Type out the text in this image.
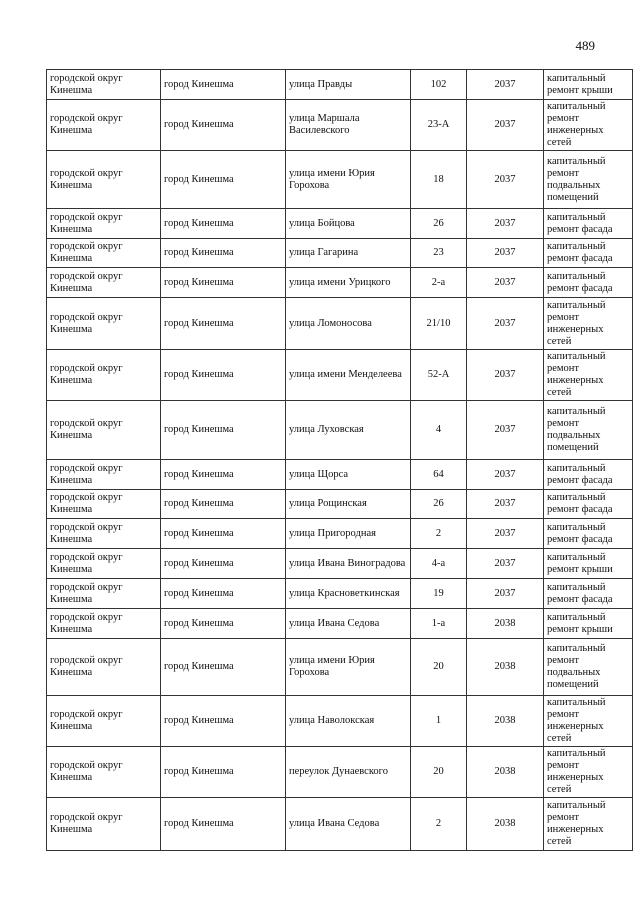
489
городской округ Кинешма	город Кинешма	улица Правды	102	2037	капитальный ремонт крыши
городской округ Кинешма	город Кинешма	улица Маршала Василевского	23-А	2037	капитальный ремонт инженерных сетей
городской округ Кинешма	город Кинешма	улица имени Юрия Горохова	18	2037	капитальный ремонт подвальных помещений
городской округ Кинешма	город Кинешма	улица Бойцова	26	2037	капитальный ремонт фасада
городской округ Кинешма	город Кинешма	улица Гагарина	23	2037	капитальный ремонт фасада
городской округ Кинешма	город Кинешма	улица имени Урицкого	2-а	2037	капитальный ремонт фасада
городской округ Кинешма	город Кинешма	улица Ломоносова	21/10	2037	капитальный ремонт инженерных сетей
городской округ Кинешма	город Кинешма	улица имени Менделеева	52-А	2037	капитальный ремонт инженерных сетей
городской округ Кинешма	город Кинешма	улица Луховская	4	2037	капитальный ремонт подвальных помещений
городской округ Кинешма	город Кинешма	улица Щорса	64	2037	капитальный ремонт фасада
городской округ Кинешма	город Кинешма	улица Рощинская	26	2037	капитальный ремонт фасада
городской округ Кинешма	город Кинешма	улица Пригородная	2	2037	капитальный ремонт фасада
городской округ Кинешма	город Кинешма	улица Ивана Виноградова	4-а	2037	капитальный ремонт крыши
городской округ Кинешма	город Кинешма	улица Красноветкинская	19	2037	капитальный ремонт фасада
городской округ Кинешма	город Кинешма	улица Ивана Седова	1-а	2038	капитальный ремонт крыши
городской округ Кинешма	город Кинешма	улица имени Юрия Горохова	20	2038	капитальный ремонт подвальных помещений
городской округ Кинешма	город Кинешма	улица Наволокская	1	2038	капитальный ремонт инженерных сетей
городской округ Кинешма	город Кинешма	переулок Дунаевского	20	2038	капитальный ремонт инженерных сетей
городской округ Кинешма	город Кинешма	улица Ивана Седова	2	2038	капитальный ремонт инженерных сетей
